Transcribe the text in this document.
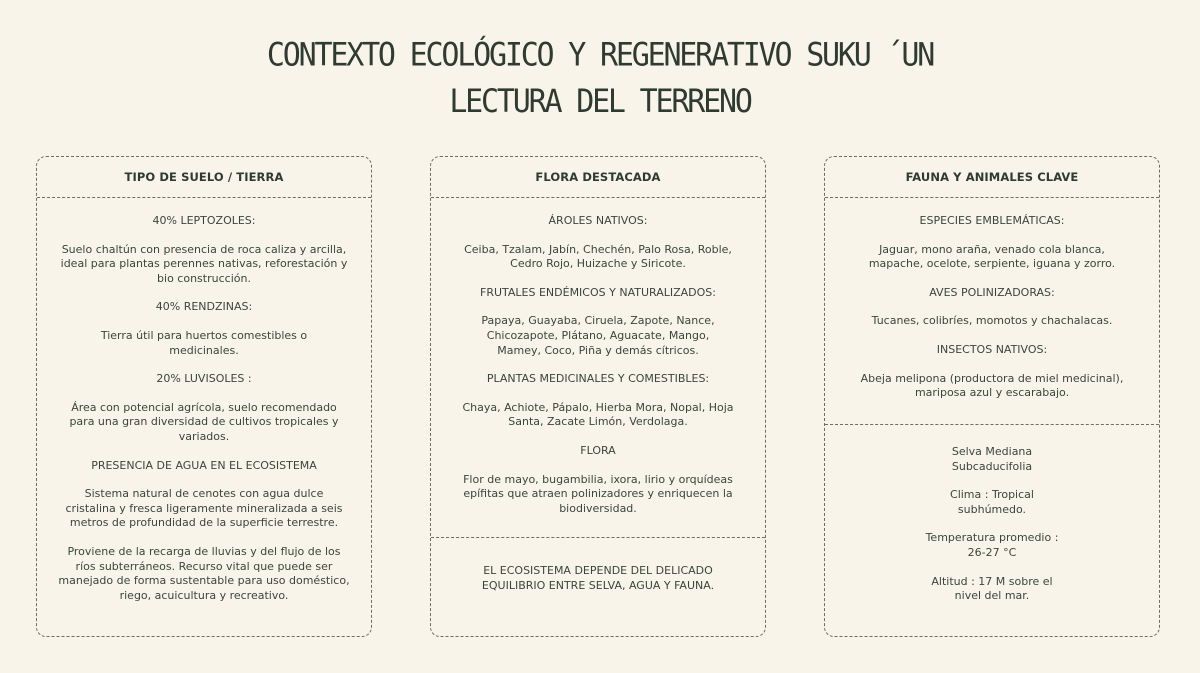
CONTEXTO ECOLÓGICO Y REGENERATIVO SUKU ´UN
LECTURA DEL TERRENO
TIPO DE SUELO / TIERRA

40% LEPTOZOLES:

Suelo chaltún con presencia de roca caliza y arcilla, ideal para plantas perennes nativas, reforestación y bio construcción.

40% RENDZINAS:

Tierra útil para huertos comestibles o medicinales.

20% LUVISOLES :

Área con potencial agrícola, suelo recomendado para una gran diversidad de cultivos tropicales y variados.

PRESENCIA DE AGUA EN EL ECOSISTEMA

Sistema natural de cenotes con agua dulce cristalina y fresca ligeramente mineralizada a seis metros de profundidad de la superficie terrestre.

Proviene de la recarga de lluvias y del flujo de los ríos subterráneos. Recurso vital que puede ser manejado de forma sustentable para uso doméstico, riego, acuicultura y recreativo.

FLORA DESTACADA

ÁROLES NATIVOS:

Ceiba, Tzalam, Jabín, Chechén, Palo Rosa, Roble, Cedro Rojo, Huizache y Siricote.

FRUTALES ENDÉMICOS Y NATURALIZADOS:

Papaya, Guayaba, Ciruela, Zapote, Nance, Chicozapote, Plátano, Aguacate, Mango, Mamey, Coco, Piña y demás cítricos.

PLANTAS MEDICINALES Y COMESTIBLES:

Chaya, Achiote, Pápalo, Hierba Mora, Nopal, Hoja Santa, Zacate Limón, Verdolaga.

FLORA

Flor de mayo, bugambilia, ixora, lirio y orquídeas epífitas que atraen polinizadores y enriquecen la biodiversidad.

EL ECOSISTEMA DEPENDE DEL DELICADO EQUILIBRIO ENTRE SELVA, AGUA Y FAUNA.

FAUNA Y ANIMALES CLAVE

ESPECIES EMBLEMÁTICAS:

Jaguar, mono araña, venado cola blanca, mapache, ocelote, serpiente, iguana y zorro.

AVES POLINIZADORAS:

Tucanes, colibríes, momotos y chachalacas.

INSECTOS NATIVOS:

Abeja melipona (productora de miel medicinal), mariposa azul y escarabajo.

Selva Mediana Subcaducifolia

Clima : Tropical subhúmedo.

Temperatura promedio : 26-27 °C

Altitud : 17 M sobre el nivel del mar.
